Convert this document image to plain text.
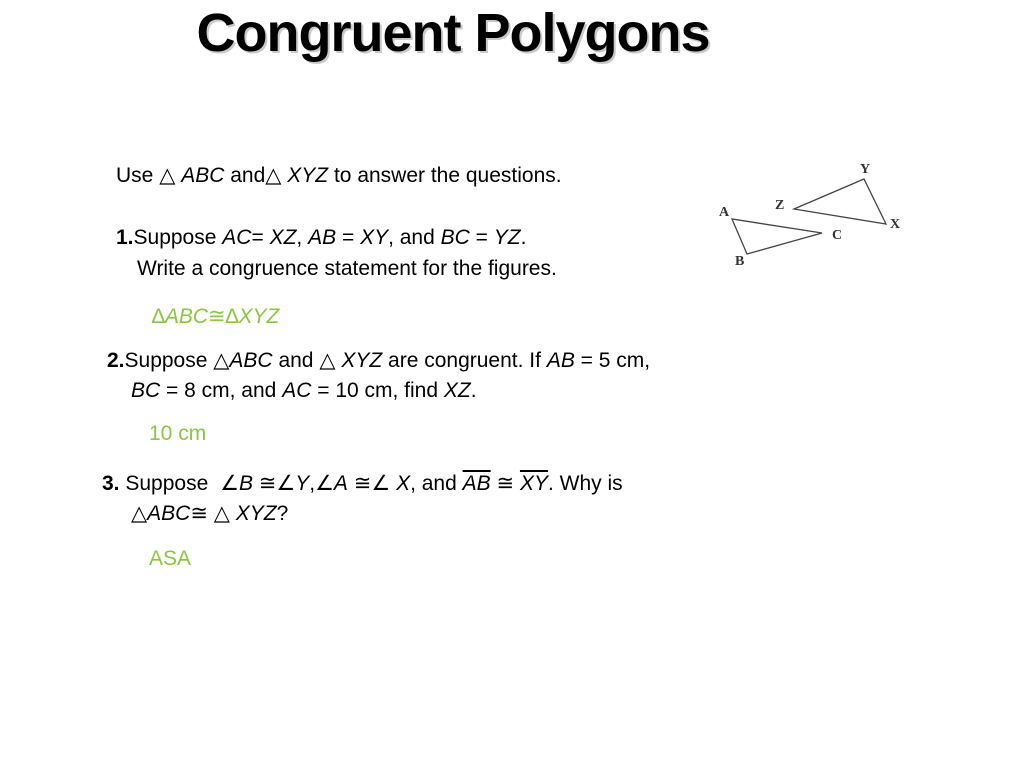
Congruent Polygons
Use △ ABC and△ XYZ to answer the questions.
1.Suppose AC= XZ, AB = XY, and BC = YZ.
Write a congruence statement for the figures.
∆ABC≅∆XYZ
2.Suppose △ABC and △ XYZ are congruent. If AB = 5 cm,
BC = 8 cm, and AC = 10 cm, find XZ.
10 cm
3. Suppose ∠B ≅∠Y,∠A ≅∠ X, and $\overline{AB}$ ≅ $\overline{XY}$. Why is
△ABC≅ △ XYZ?
ASA
A
B
C
X
Y
Z
